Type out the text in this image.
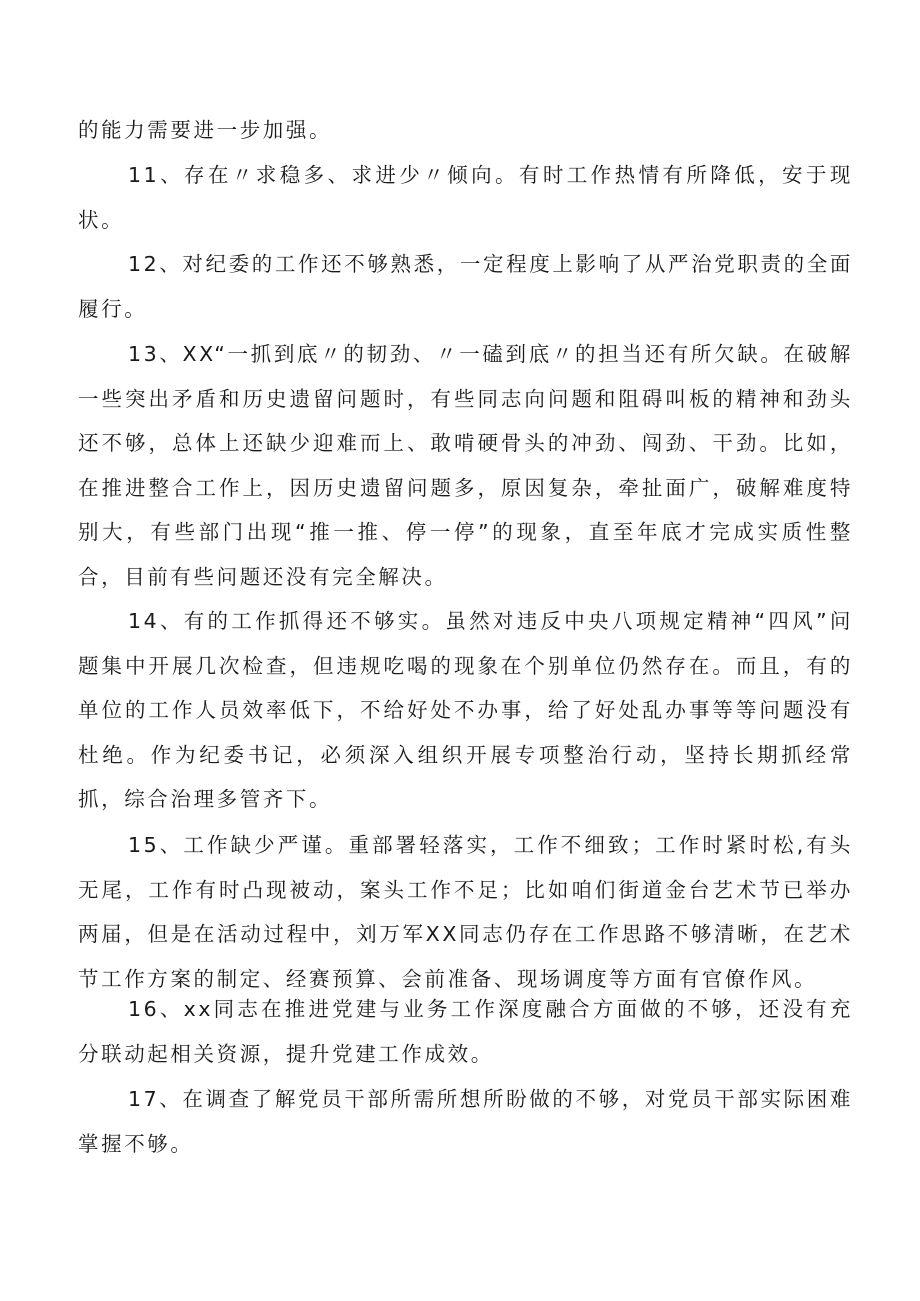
的能力需要进一步加强。

11、存在〃求稳多、求进少〃倾向。有时工作热情有所降低，安于现状。

12、对纪委的工作还不够熟悉，一定程度上影响了从严治党职责的全面履行。

13、XX“一抓到底〃的韧劲、〃一磕到底〃的担当还有所欠缺。在破解一些突出矛盾和历史遗留问题时，有些同志向问题和阻碍叫板的精神和劲头还不够，总体上还缺少迎难而上、敢啃硬骨头的冲劲、闯劲、干劲。比如，在推进整合工作上，因历史遗留问题多，原因复杂，牵扯面广，破解难度特别大，有些部门出现“推一推、停一停”的现象，直至年底才完成实质性整合，目前有些问题还没有完全解决。

14、有的工作抓得还不够实。虽然对违反中央八项规定精神“四风”问题集中开展几次检查，但违规吃喝的现象在个别单位仍然存在。而且，有的单位的工作人员效率低下，不给好处不办事，给了好处乱办事等等问题没有杜绝。作为纪委书记，必须深入组织开展专项整治行动，坚持长期抓经常抓，综合治理多管齐下。

15、工作缺少严谨。重部署轻落实，工作不细致；工作时紧时松,有头无尾，工作有时凸现被动，案头工作不足；比如咱们街道金台艺术节已举办两届，但是在活动过程中，刘万军XX同志仍存在工作思路不够清晰，在艺术节工作方案的制定、经赛预算、会前准备、现场调度等方面有官僚作风。

16、xx同志在推进党建与业务工作深度融合方面做的不够，还没有充分联动起相关资源，提升党建工作成效。

17、在调查了解党员干部所需所想所盼做的不够，对党员干部实际困难掌握不够。
